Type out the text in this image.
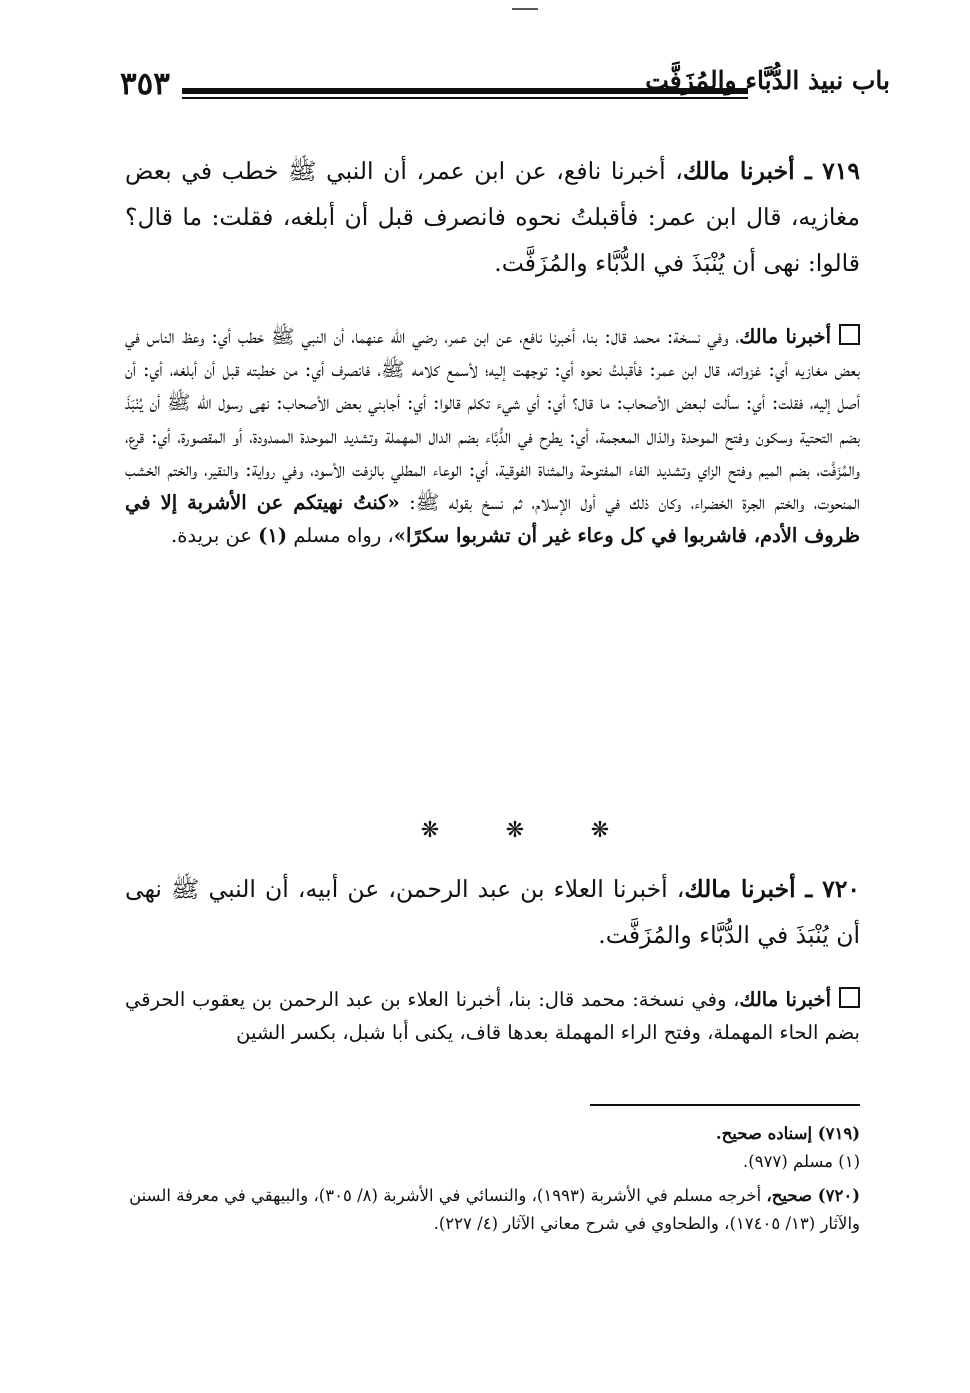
٣٥٣	باب نبيذ الدُّبَّاء والمُزَفَّت
٧١٩ ـ أخبرنا مالك، أخبرنا نافع، عن ابن عمر، أن النبي ﷺ خطب في بعض مغازيه، قال ابن عمر: فأقبلتُ نحوه فانصرف قبل أن أبلغه، فقلت: ما قال؟ قالوا: نهى أن يُنْبَذَ في الدُّبَّاء والمُزَفَّت.
أخبرنا مالك، وفي نسخة: محمد قال: بنا، أخبرنا نافع، عن ابن عمر، رضي الله عنهما، أن النبي ﷺ خطب أي: وعظ الناس في بعض مغازيه أي: غزواته، قال ابن عمر: فأقبلتُ نحوه أي: توجهت إليه؛ لأسمع كلامه ﷺ، فانصرف أي: من خطبته قبل أن أبلغه، أي: أن أصل إليه، فقلت: أي: سألت لبعض الأصحاب: ما قال؟ أي: أي شيء تكلم قالوا: أي: أجابني بعض الأصحاب: نهى رسول الله ﷺ أن يُنْبَذَ بضم التحتية وسكون وفتح الموحدة والذال المعجمة، أي: يطرح في الدُّبَّاء بضم الدال المهملة وتشديد الموحدة الممدودة، أو المقصورة، أي: قرع، والمُزَفَّت، بضم الميم وفتح الزاي وتشديد الفاء المفتوحة والمثناة الفوقية، أي: الوعاء المطلي بالزفت الأسود، وفي رواية: والنقير، والختم الخشب المنحوت، والختم الجرة الخضراء، وكان ذلك في أول الإسلام، ثم نسخ بقوله ﷺ: «كنتُ نهيتكم عن الأشربة إلا في ظروف الأدم، فاشربوا في كل وعاء غير أن تشربوا سكرًا»، رواه مسلم (١) عن بريدة.
❋	❋	❋
٧٢٠ ـ أخبرنا مالك، أخبرنا العلاء بن عبد الرحمن، عن أبيه، أن النبي ﷺ نهى أن يُنْبَذَ في الدُّبَّاء والمُزَفَّت.
أخبرنا مالك، وفي نسخة: محمد قال: بنا، أخبرنا العلاء بن عبد الرحمن بن يعقوب الحرقي بضم الحاء المهملة، وفتح الراء المهملة بعدها قاف، يكنى أبا شبل، بكسر الشين

(٧١٩) إسناده صحيح.

(١) مسلم (٩٧٧).

(٧٢٠) صحيح، أخرجه مسلم في الأشربة (١٩٩٣)، والنسائي في الأشربة (٨/ ٣٠٥)، والبيهقي في معرفة السنن والآثار (١٣/ ١٧٤٠٥)، والطحاوي في شرح معاني الآثار (٤/ ٢٢٧).
